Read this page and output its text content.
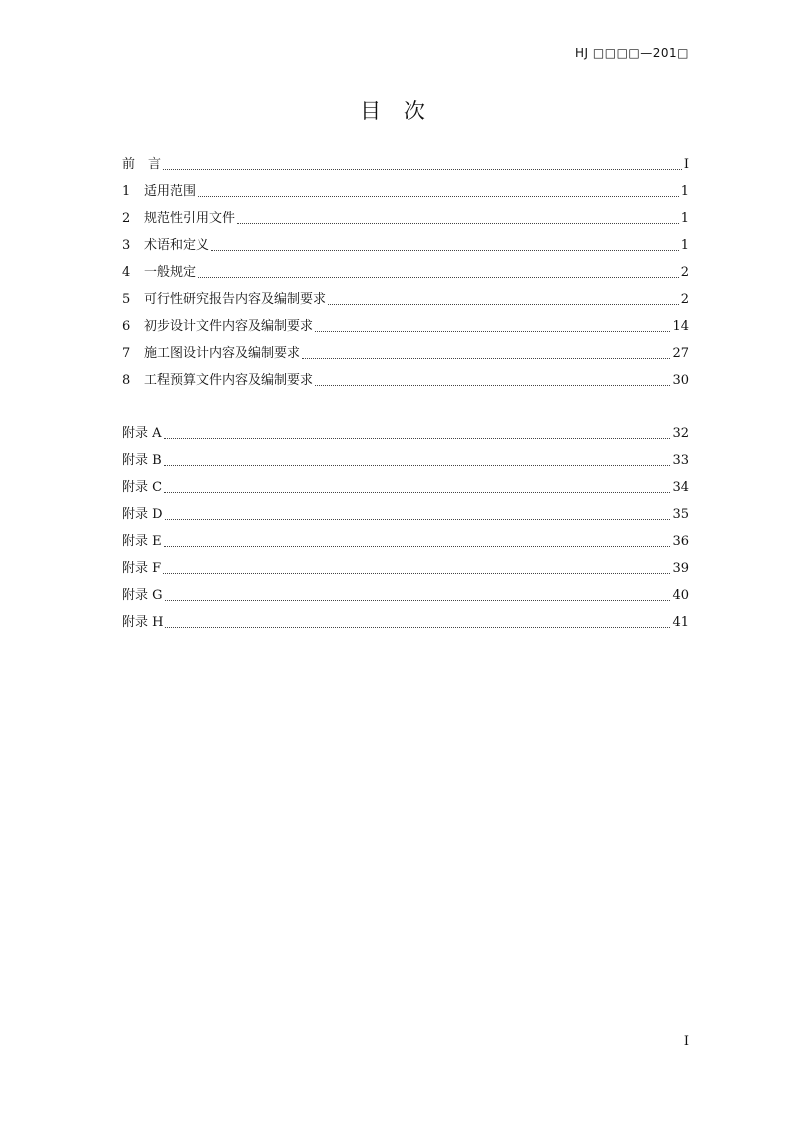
HJ □□□□—201□
目 次
前　言	I
1	适用范围	1
2	规范性引用文件	1
3	术语和定义	1
4	一般规定	2
5	可行性研究报告内容及编制要求	2
6	初步设计文件内容及编制要求	14
7	施工图设计内容及编制要求	27
8	工程预算文件内容及编制要求	30
附录 A	32
附录 B	33
附录 C	34
附录 D	35
附录 E	36
附录 F	39
附录 G	40
附录 H	41
I
